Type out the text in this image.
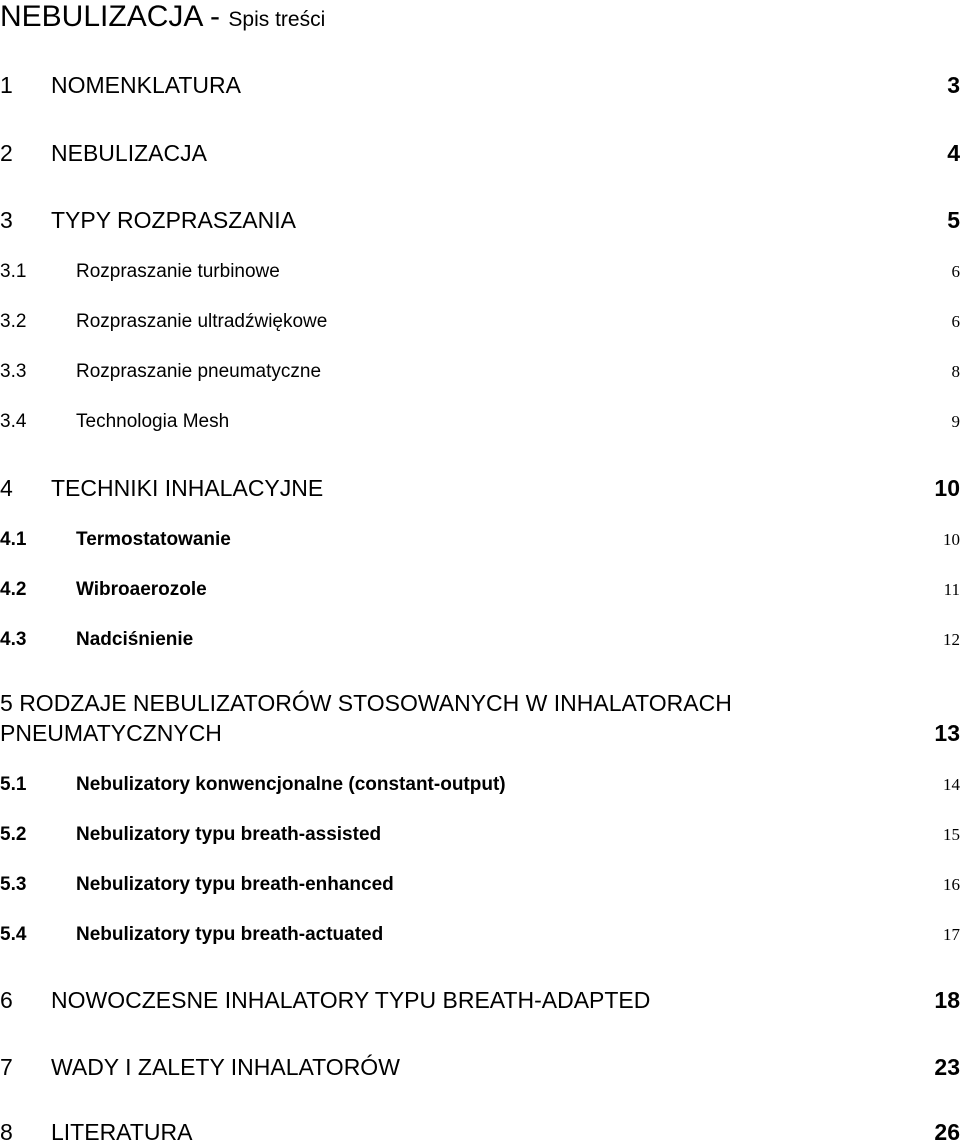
NEBULIZACJA - Spis treści
1 NOMENKLATURA	3
2 NEBULIZACJA	4
3 TYPY ROZPRASZANIA	5
3.1	Rozpraszanie turbinowe	6
3.2	Rozpraszanie ultradźwiękowe	6
3.3	Rozpraszanie pneumatyczne	8
3.4	Technologia Mesh	9
4 TECHNIKI INHALACYJNE	10
4.1	Termostatowanie	10
4.2	Wibroaerozole	11
4.3	Nadciśnienie	12
5 RODZAJE NEBULIZATORÓW STOSOWANYCH W INHALATORACH
PNEUMATYCZNYCH	13
5.1	Nebulizatory konwencjonalne (constant-output)	14
5.2	Nebulizatory typu breath-assisted	15
5.3	Nebulizatory typu breath-enhanced	16
5.4	Nebulizatory typu breath-actuated	17
6 NOWOCZESNE INHALATORY TYPU BREATH-ADAPTED	18
7 WADY I ZALETY INHALATORÓW	23
8 LITERATURA	26
